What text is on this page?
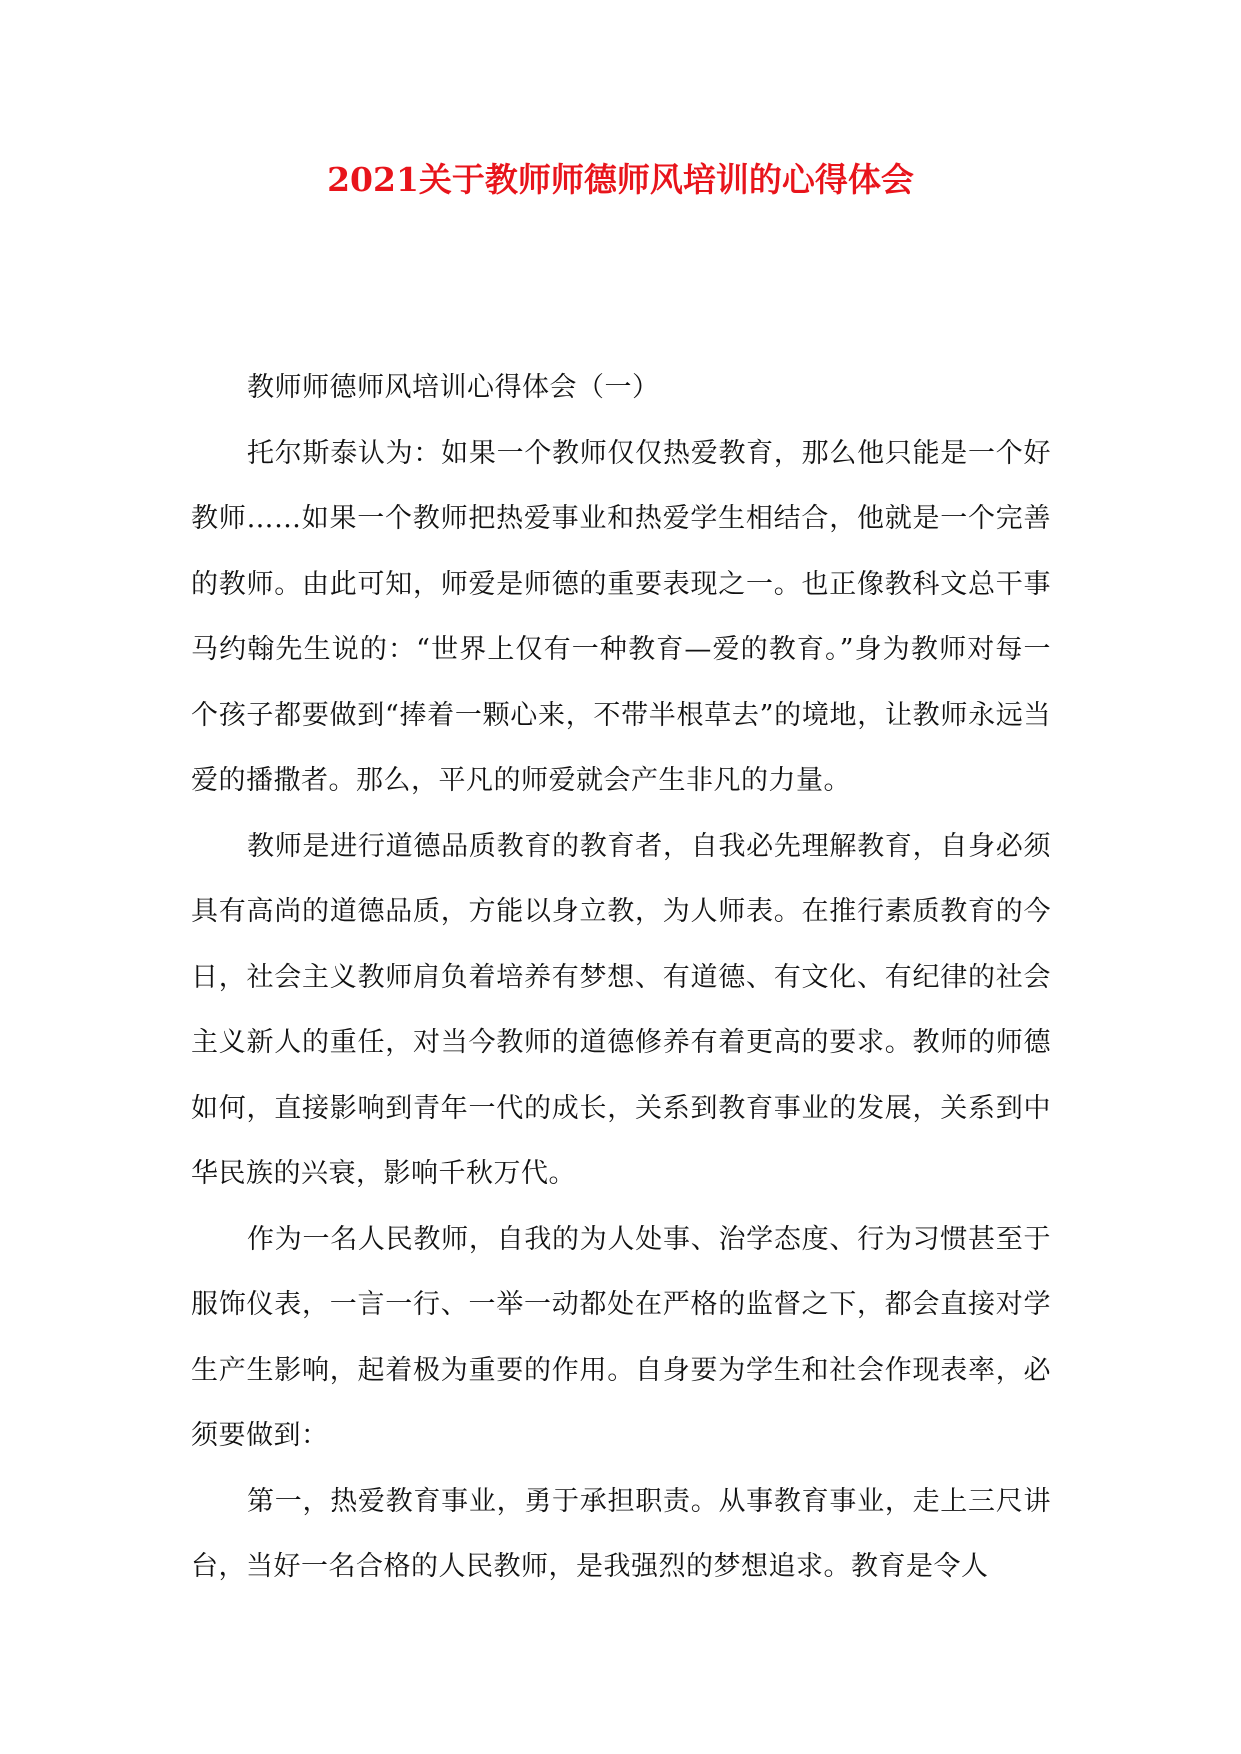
2021关于教师师德师风培训的心得体会

教师师德师风培训心得体会（一）

托尔斯泰认为：如果一个教师仅仅热爱教育，那么他只能是一个好教师……如果一个教师把热爱事业和热爱学生相结合，他就是一个完善的教师。由此可知，师爱是师德的重要表现之一。也正像教科文总干事马约翰先生说的：“世界上仅有一种教育—爱的教育。”身为教师对每一个孩子都要做到“捧着一颗心来，不带半根草去”的境地，让教师永远当爱的播撒者。那么，平凡的师爱就会产生非凡的力量。

教师是进行道德品质教育的教育者，自我必先理解教育，自身必须具有高尚的道德品质，方能以身立教，为人师表。在推行素质教育的今日，社会主义教师肩负着培养有梦想、有道德、有文化、有纪律的社会主义新人的重任，对当今教师的道德修养有着更高的要求。教师的师德如何，直接影响到青年一代的成长，关系到教育事业的发展，关系到中华民族的兴衰，影响千秋万代。

作为一名人民教师，自我的为人处事、治学态度、行为习惯甚至于服饰仪表，一言一行、一举一动都处在严格的监督之下，都会直接对学生产生影响，起着极为重要的作用。自身要为学生和社会作现表率，必须要做到：

第一，热爱教育事业，勇于承担职责。从事教育事业，走上三尺讲台，当好一名合格的人民教师，是我强烈的梦想追求。教育是令人
